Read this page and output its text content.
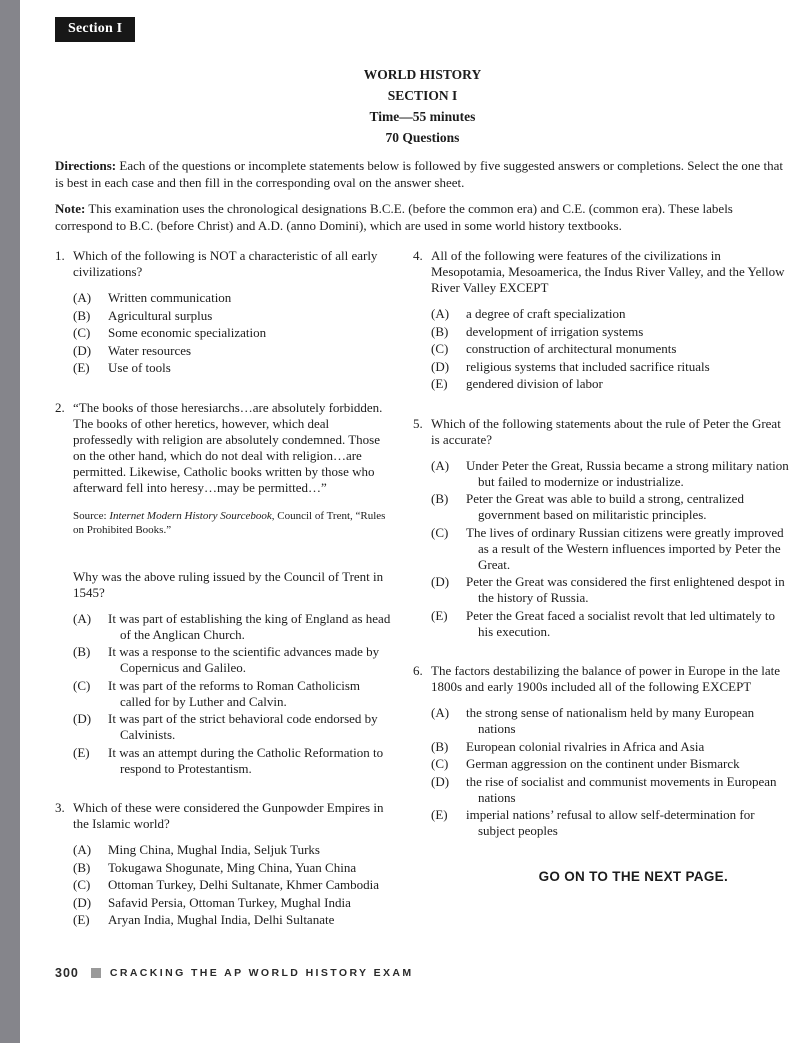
Section I
WORLD HISTORY
SECTION I
Time—55 minutes
70 Questions

Directions: Each of the questions or incomplete statements below is followed by five suggested answers or completions. Select the one that is best in each case and then fill in the corresponding oval on the answer sheet.

Note: This examination uses the chronological designations B.C.E. (before the common era) and C.E. (common era). These labels correspond to B.C. (before Christ) and A.D. (anno Domini), which are used in some world history textbooks.

1. Which of the following is NOT a characteristic of all early civilizations?
(A)	Written communication
(B)	Agricultural surplus
(C)	Some economic specialization
(D)	Water resources
(E)	Use of tools
2. “The books of those heresiarchs…are absolutely forbidden. The books of other heretics, however, which deal professedly with religion are absolutely condemned. Those on the other hand, which do not deal with religion…are permitted. Likewise, Catholic books written by those who afterward fell into heresy…may be permitted…”
Source: Internet Modern History Sourcebook, Council of Trent, “Rules on Prohibited Books.”
Why was the above ruling issued by the Council of Trent in 1545?
(A)	It was part of establishing the king of England as head of the Anglican Church.
(B)	It was a response to the scientific advances made by Copernicus and Galileo.
(C)	It was part of the reforms to Roman Catholicism called for by Luther and Calvin.
(D)	It was part of the strict behavioral code endorsed by Calvinists.
(E)	It was an attempt during the Catholic Reformation to respond to Protestantism.
3. Which of these were considered the Gunpowder Empires in the Islamic world?
(A)	Ming China, Mughal India, Seljuk Turks
(B)	Tokugawa Shogunate, Ming China, Yuan China
(C)	Ottoman Turkey, Delhi Sultanate, Khmer Cambodia
(D)	Safavid Persia, Ottoman Turkey, Mughal India
(E)	Aryan India, Mughal India, Delhi Sultanate
4. All of the following were features of the civilizations in Mesopotamia, Mesoamerica, the Indus River Valley, and the Yellow River Valley EXCEPT
(A)	a degree of craft specialization
(B)	development of irrigation systems
(C)	construction of architectural monuments
(D)	religious systems that included sacrifice rituals
(E)	gendered division of labor
5. Which of the following statements about the rule of Peter the Great is accurate?
(A)	Under Peter the Great, Russia became a strong military nation but failed to modernize or industrialize.
(B)	Peter the Great was able to build a strong, centralized government based on militaristic principles.
(C)	The lives of ordinary Russian citizens were greatly improved as a result of the Western influences imported by Peter the Great.
(D)	Peter the Great was considered the first enlightened despot in the history of Russia.
(E)	Peter the Great faced a socialist revolt that led ultimately to his execution.
6. The factors destabilizing the balance of power in Europe in the late 1800s and early 1900s included all of the following EXCEPT
(A)	the strong sense of nationalism held by many European nations
(B)	European colonial rivalries in Africa and Asia
(C)	German aggression on the continent under Bismarck
(D)	the rise of socialist and communist movements in European nations
(E)	imperial nations’ refusal to allow self-determination for subject peoples
GO ON TO THE NEXT PAGE.
300	CRACKING THE AP WORLD HISTORY EXAM
